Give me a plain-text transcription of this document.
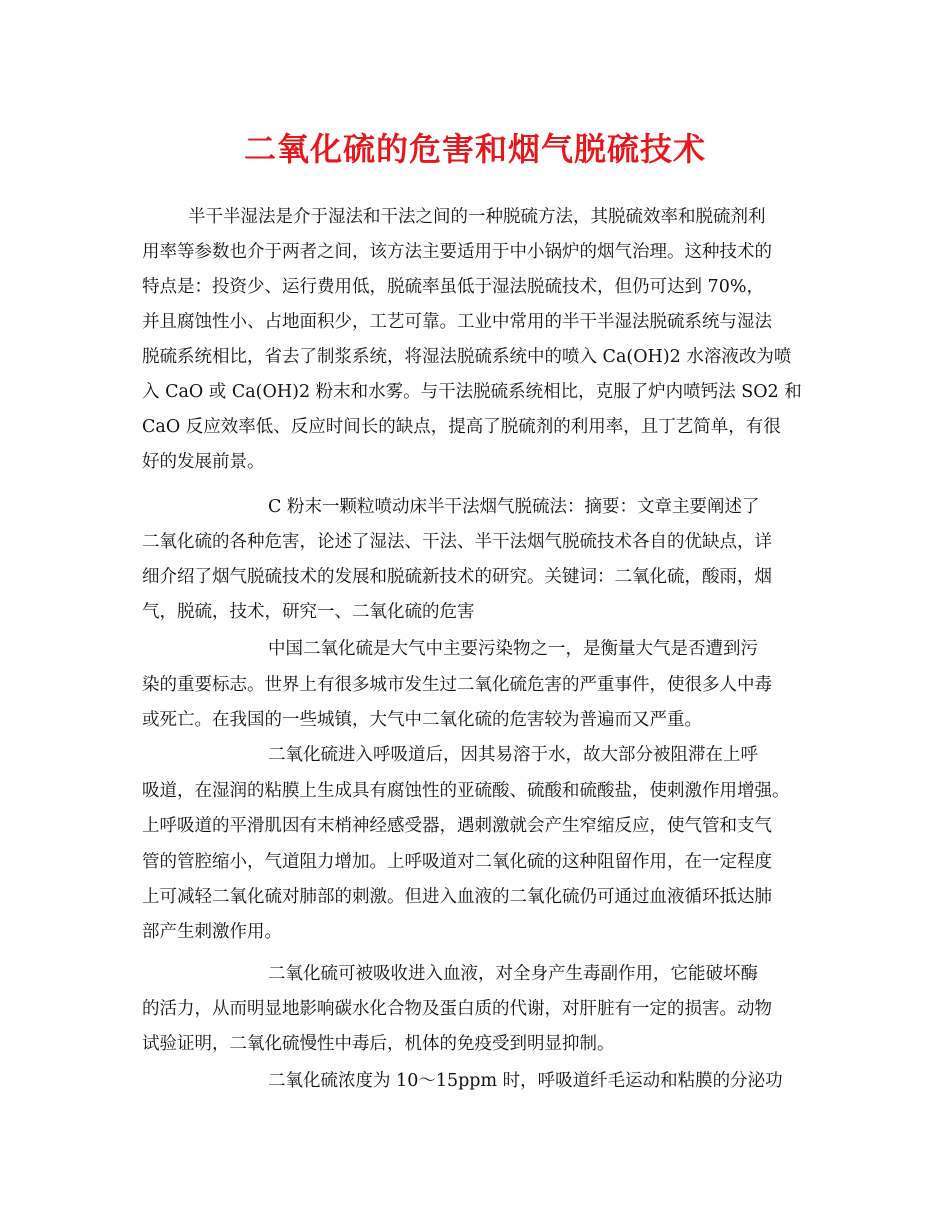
二氧化硫的危害和烟气脱硫技术

半干半湿法是介于湿法和干法之间的一种脱硫方法，其脱硫效率和脱硫剂利

用率等参数也介于两者之间，该方法主要适用于中小锅炉的烟气治理。这种技术的

特点是：投资少、运行费用低，脱硫率虽低于湿法脱硫技术，但仍可达到 70%，

并且腐蚀性小、占地面积少，工艺可靠。工业中常用的半干半湿法脱硫系统与湿法

脱硫系统相比，省去了制浆系统，将湿法脱硫系统中的喷入 Ca(OH)2 水溶液改为喷

入 CaO 或 Ca(OH)2 粉末和水雾。与干法脱硫系统相比，克服了炉内喷钙法 SO2 和

CaO 反应效率低、反应时间长的缺点，提高了脱硫剂的利用率，且丁艺简单，有很

好的发展前景。

C 粉末一颗粒喷动床半干法烟气脱硫法：摘要：文章主要阐述了

二氧化硫的各种危害，论述了湿法、干法、半干法烟气脱硫技术各自的优缺点，详

细介绍了烟气脱硫技术的发展和脱硫新技术的研究。关键词：二氧化硫，酸雨，烟

气，脱硫，技术，研究一、二氧化硫的危害

中国二氧化硫是大气中主要污染物之一，是衡量大气是否遭到污

染的重要标志。世界上有很多城市发生过二氧化硫危害的严重事件，使很多人中毒

或死亡。在我国的一些城镇，大气中二氧化硫的危害较为普遍而又严重。

二氧化硫进入呼吸道后，因其易溶于水，故大部分被阻滞在上呼

吸道，在湿润的粘膜上生成具有腐蚀性的亚硫酸、硫酸和硫酸盐，使刺激作用增强。

上呼吸道的平滑肌因有末梢神经感受器，遇刺激就会产生窄缩反应，使气管和支气

管的管腔缩小，气道阻力增加。上呼吸道对二氧化硫的这种阻留作用，在一定程度

上可减轻二氧化硫对肺部的刺激。但进入血液的二氧化硫仍可通过血液循环抵达肺

部产生刺激作用。

二氧化硫可被吸收进入血液，对全身产生毒副作用，它能破坏酶

的活力，从而明显地影响碳水化合物及蛋白质的代谢，对肝脏有一定的损害。动物

试验证明，二氧化硫慢性中毒后，机体的免疫受到明显抑制。

二氧化硫浓度为 10～15ppm 时，呼吸道纤毛运动和粘膜的分泌功
